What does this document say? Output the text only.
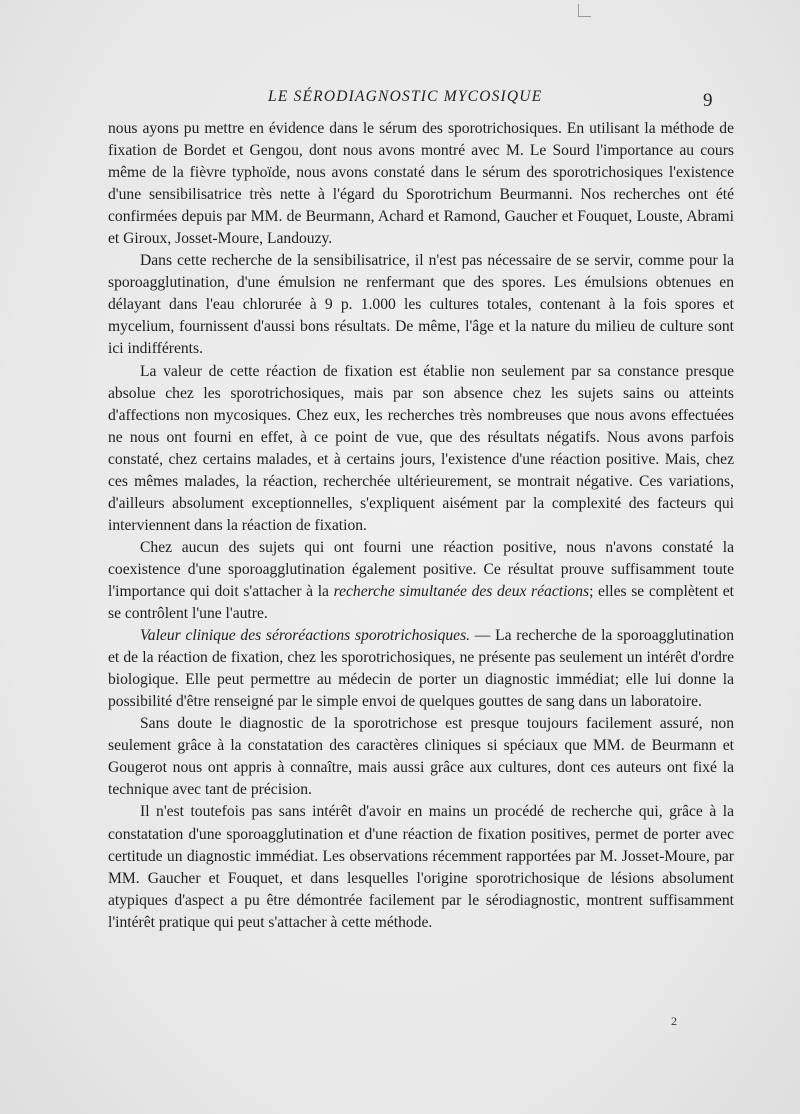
LE SÉRODIAGNOSTIC MYCOSIQUE	9

nous ayons pu mettre en évidence dans le sérum des sporotrichosiques. En utilisant la méthode de fixation de Bordet et Gengou, dont nous avons montré avec M. Le Sourd l'importance au cours même de la fièvre typhoïde, nous avons constaté dans le sérum des sporotrichosiques l'existence d'une sensibilisatrice très nette à l'égard du Sporotrichum Beurmanni. Nos recherches ont été confirmées depuis par MM. de Beurmann, Achard et Ramond, Gaucher et Fouquet, Louste, Abrami et Giroux, Josset-Moure, Landouzy.

Dans cette recherche de la sensibilisatrice, il n'est pas nécessaire de se servir, comme pour la sporoagglutination, d'une émulsion ne renfermant que des spores. Les émulsions obtenues en délayant dans l'eau chlorurée à 9 p. 1.000 les cultures totales, contenant à la fois spores et mycelium, fournissent d'aussi bons résultats. De même, l'âge et la nature du milieu de culture sont ici indifférents.

La valeur de cette réaction de fixation est établie non seulement par sa constance presque absolue chez les sporotrichosiques, mais par son absence chez les sujets sains ou atteints d'affections non mycosiques. Chez eux, les recherches très nombreuses que nous avons effectuées ne nous ont fourni en effet, à ce point de vue, que des résultats négatifs. Nous avons parfois constaté, chez certains malades, et à certains jours, l'existence d'une réaction positive. Mais, chez ces mêmes malades, la réaction, recherchée ultérieurement, se montrait négative. Ces variations, d'ailleurs absolument exceptionnelles, s'expliquent aisément par la complexité des facteurs qui interviennent dans la réaction de fixation.

Chez aucun des sujets qui ont fourni une réaction positive, nous n'avons constaté la coexistence d'une sporoagglutination également positive. Ce résultat prouve suffisamment toute l'importance qui doit s'attacher à la recherche simultanée des deux réactions; elles se complètent et se contrôlent l'une l'autre.

Valeur clinique des séroréactions sporotrichosiques. — La recherche de la sporoagglutination et de la réaction de fixation, chez les sporotrichosiques, ne présente pas seulement un intérêt d'ordre biologique. Elle peut permettre au médecin de porter un diagnostic immédiat; elle lui donne la possibilité d'être renseigné par le simple envoi de quelques gouttes de sang dans un laboratoire.

Sans doute le diagnostic de la sporotrichose est presque toujours facilement assuré, non seulement grâce à la constatation des caractères cliniques si spéciaux que MM. de Beurmann et Gougerot nous ont appris à connaître, mais aussi grâce aux cultures, dont ces auteurs ont fixé la technique avec tant de précision.

Il n'est toutefois pas sans intérêt d'avoir en mains un procédé de recherche qui, grâce à la constatation d'une sporoagglutination et d'une réaction de fixation positives, permet de porter avec certitude un diagnostic immédiat. Les observations récemment rapportées par M. Josset-Moure, par MM. Gaucher et Fouquet, et dans lesquelles l'origine sporotrichosique de lésions absolument atypiques d'aspect a pu être démontrée facilement par le sérodiagnostic, montrent suffisamment l'intérêt pratique qui peut s'attacher à cette méthode.

2
